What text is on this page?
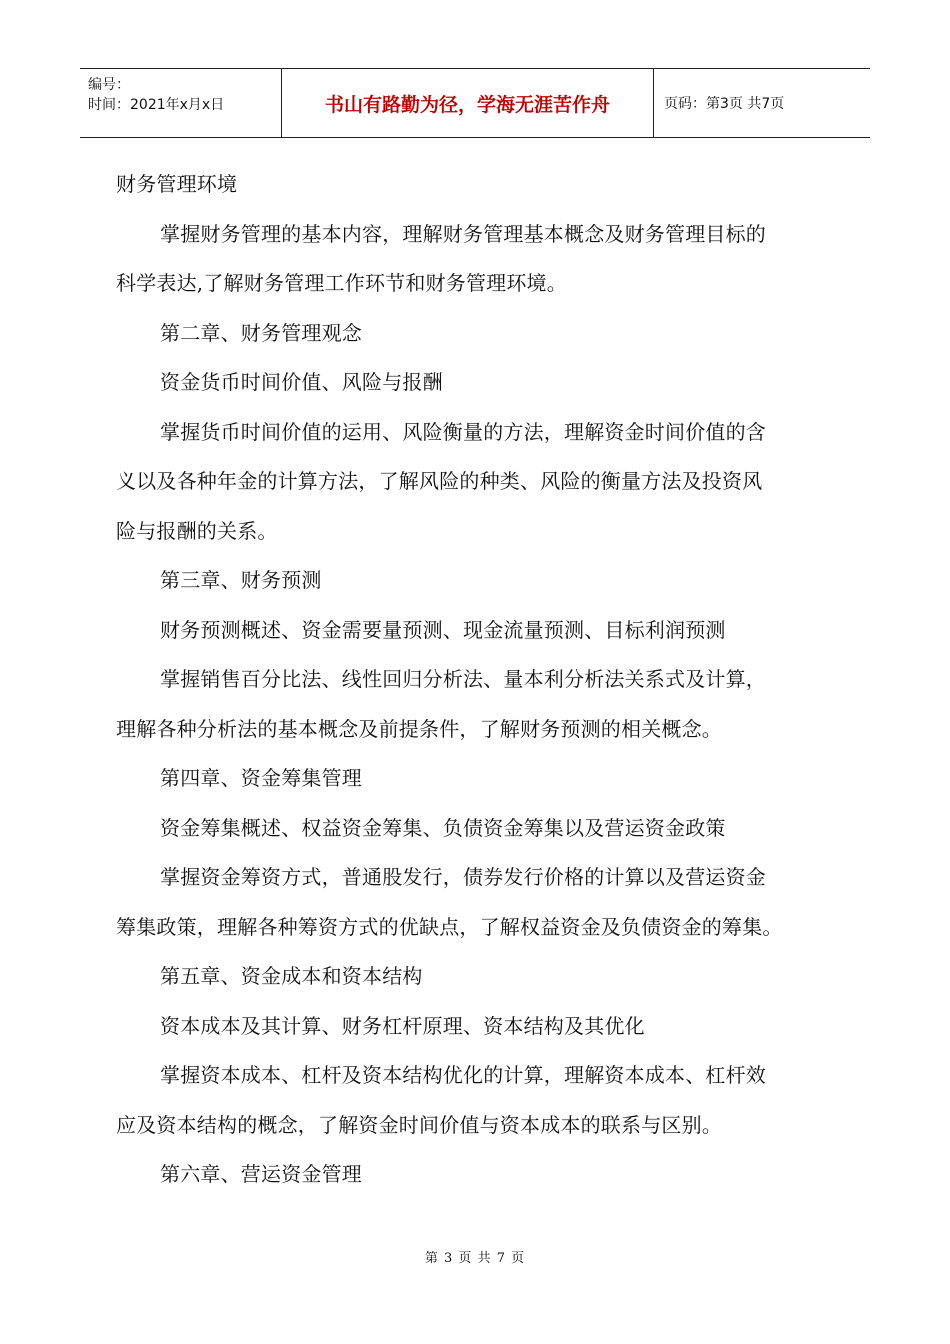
编号：
时间：2021年x月x日	书山有路勤为径，学海无涯苦作舟	页码：第3页 共7页

财务管理环境

掌握财务管理的基本内容，理解财务管理基本概念及财务管理目标的

科学表达,了解财务管理工作环节和财务管理环境。

第二章、财务管理观念

资金货币时间价值、风险与报酬

掌握货币时间价值的运用、风险衡量的方法，理解资金时间价值的含

义以及各种年金的计算方法，了解风险的种类、风险的衡量方法及投资风

险与报酬的关系。

第三章、财务预测

财务预测概述、资金需要量预测、现金流量预测、目标利润预测

掌握销售百分比法、线性回归分析法、量本利分析法关系式及计算，

理解各种分析法的基本概念及前提条件，了解财务预测的相关概念。

第四章、资金筹集管理

资金筹集概述、权益资金筹集、负债资金筹集以及营运资金政策

掌握资金筹资方式，普通股发行，债券发行价格的计算以及营运资金

筹集政策，理解各种筹资方式的优缺点，了解权益资金及负债资金的筹集。

第五章、资金成本和资本结构

资本成本及其计算、财务杠杆原理、资本结构及其优化

掌握资本成本、杠杆及资本结构优化的计算，理解资本成本、杠杆效

应及资本结构的概念，了解资金时间价值与资本成本的联系与区别。

第六章、营运资金管理

第 3 页 共 7 页
